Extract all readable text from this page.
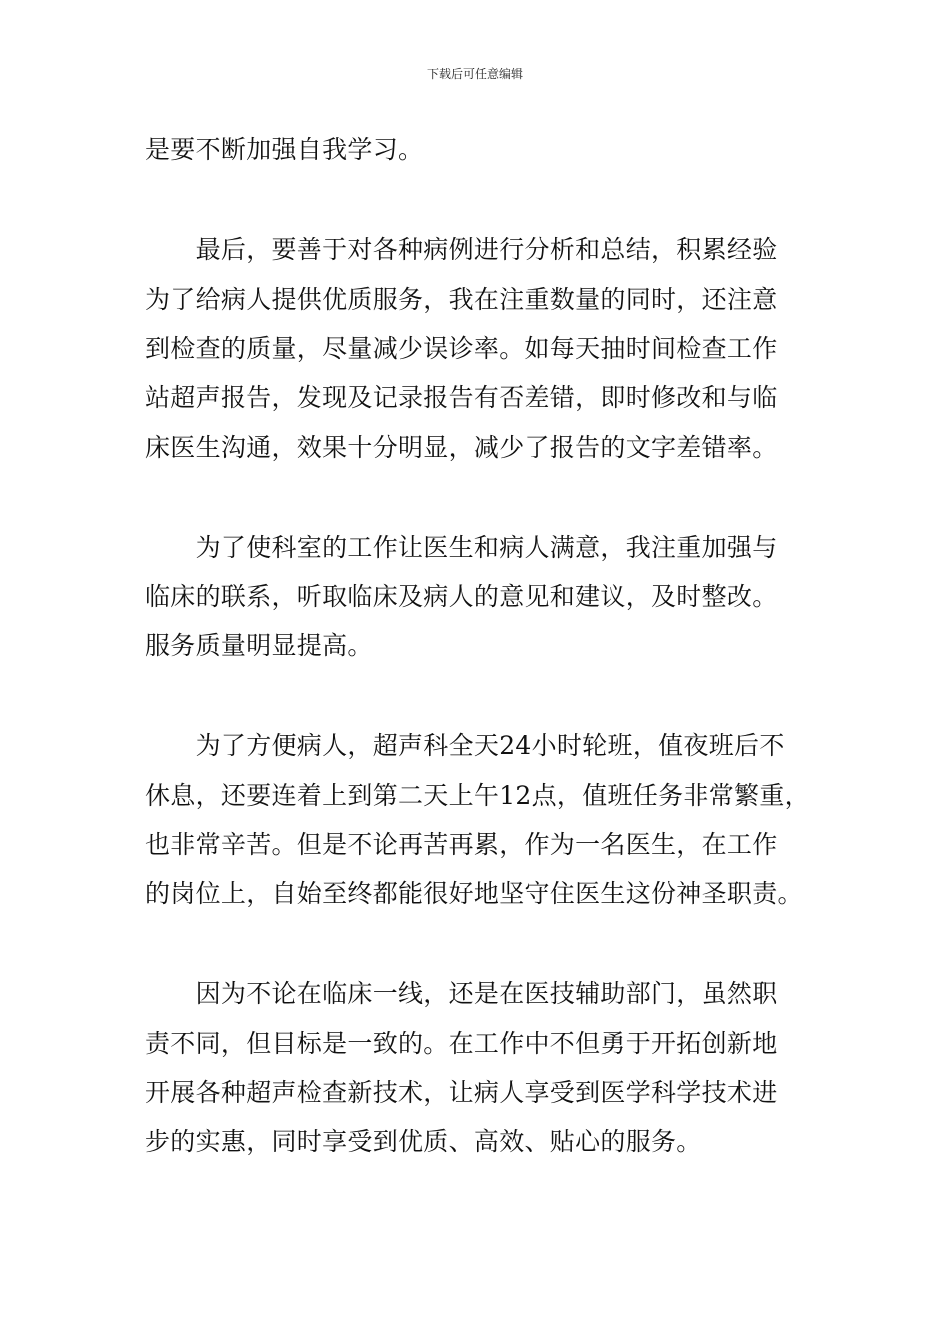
下载后可任意编辑
是要不断加强自我学习。
　　最后，要善于对各种病例进行分析和总结，积累经验
为了给病人提供优质服务，我在注重数量的同时，还注意
到检查的质量，尽量减少误诊率。如每天抽时间检查工作
站超声报告，发现及记录报告有否差错，即时修改和与临
床医生沟通，效果十分明显，减少了报告的文字差错率。
　　为了使科室的工作让医生和病人满意，我注重加强与
临床的联系，听取临床及病人的意见和建议，及时整改。
服务质量明显提高。
　　为了方便病人，超声科全天24小时轮班，值夜班后不
休息，还要连着上到第二天上午12点，值班任务非常繁重，
也非常辛苦。但是不论再苦再累，作为一名医生，在工作
的岗位上，自始至终都能很好地坚守住医生这份神圣职责。
　　因为不论在临床一线，还是在医技辅助部门，虽然职
责不同，但目标是一致的。在工作中不但勇于开拓创新地
开展各种超声检查新技术，让病人享受到医学科学技术进
步的实惠，同时享受到优质、高效、贴心的服务。
